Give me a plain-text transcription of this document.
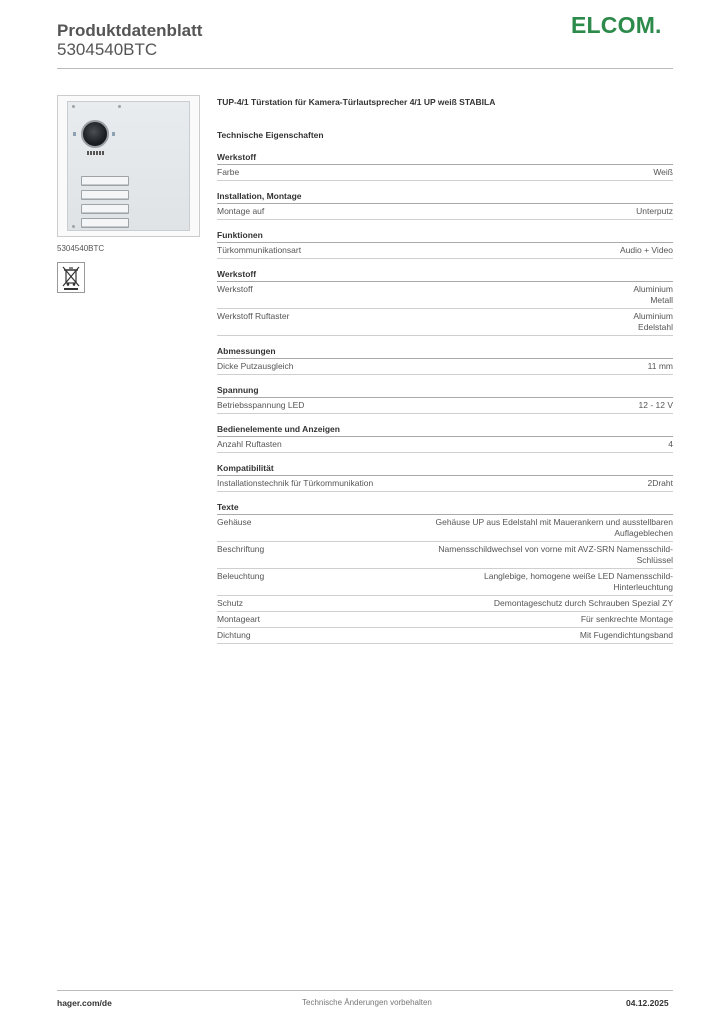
Produktdatenblatt
5304540BTC
ELCOM.
5304540BTC
TUP-4/1 Türstation für Kamera-Türlautsprecher 4/1 UP weiß STABILA
Technische Eigenschaften
Werkstoff
Farbe	Weiß
Installation, Montage
Montage auf	Unterputz
Funktionen
Türkommunikationsart	Audio + Video
Werkstoff
Werkstoff	Aluminium
Metall
Werkstoff Ruftaster	Aluminium
Edelstahl
Abmessungen
Dicke Putzausgleich	11 mm
Spannung
Betriebsspannung LED	12 - 12 V
Bedienelemente und Anzeigen
Anzahl Ruftasten	4
Kompatibilität
Installationstechnik für Türkommunikation	2Draht
Texte
Gehäuse	Gehäuse UP aus Edelstahl mit Mauerankern und ausstellbaren
Auflageblechen
Beschriftung	Namensschildwechsel von vorne mit AVZ-SRN Namensschild-
Schlüssel
Beleuchtung	Langlebige, homogene weiße LED Namensschild-
Hinterleuchtung
Schutz	Demontageschutz durch Schrauben Spezial ZY
Montageart	Für senkrechte Montage
Dichtung	Mit Fugendichtungsband
hager.com/de	Technische Änderungen vorbehalten	04.12.2025
